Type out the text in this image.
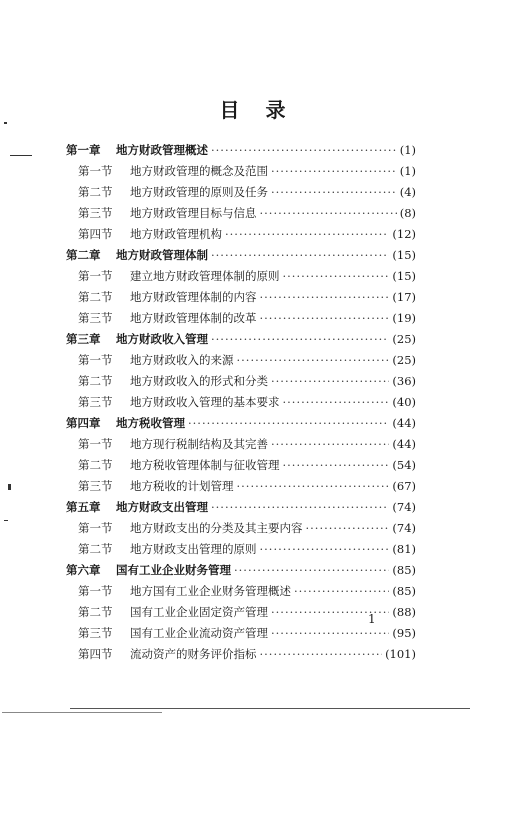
目录
第一章	地方财政管理概述 ·····	(1)
第一节	地方财政管理的概念及范围 ·····	(1)
第二节	地方财政管理的原则及任务 ·····	(4)
第三节	地方财政管理目标与信息 ·····	(8)
第四节	地方财政管理机构 ·····	(12)
第二章	地方财政管理体制 ·····	(15)
第一节	建立地方财政管理体制的原则 ·····	(15)
第二节	地方财政管理体制的内容 ·····	(17)
第三节	地方财政管理体制的改革 ·····	(19)
第三章	地方财政收入管理 ·····	(25)
第一节	地方财政收入的来源 ·····	(25)
第二节	地方财政收入的形式和分类 ·····	(36)
第三节	地方财政收入管理的基本要求 ·····	(40)
第四章	地方税收管理 ·····	(44)
第一节	地方现行税制结构及其完善 ·····	(44)
第二节	地方税收管理体制与征收管理 ·····	(54)
第三节	地方税收的计划管理 ·····	(67)
第五章	地方财政支出管理 ·····	(74)
第一节	地方财政支出的分类及其主要内容 ·····	(74)
第二节	地方财政支出管理的原则 ·····	(81)
第六章	国有工业企业财务管理 ·····	(85)
第一节	地方国有工业企业财务管理概述 ·····	(85)
第二节	国有工业企业固定资产管理 ·····	(88)
第三节	国有工业企业流动资产管理 ·····	(95)
第四节	流动资产的财务评价指标 ·····	(101)
1
